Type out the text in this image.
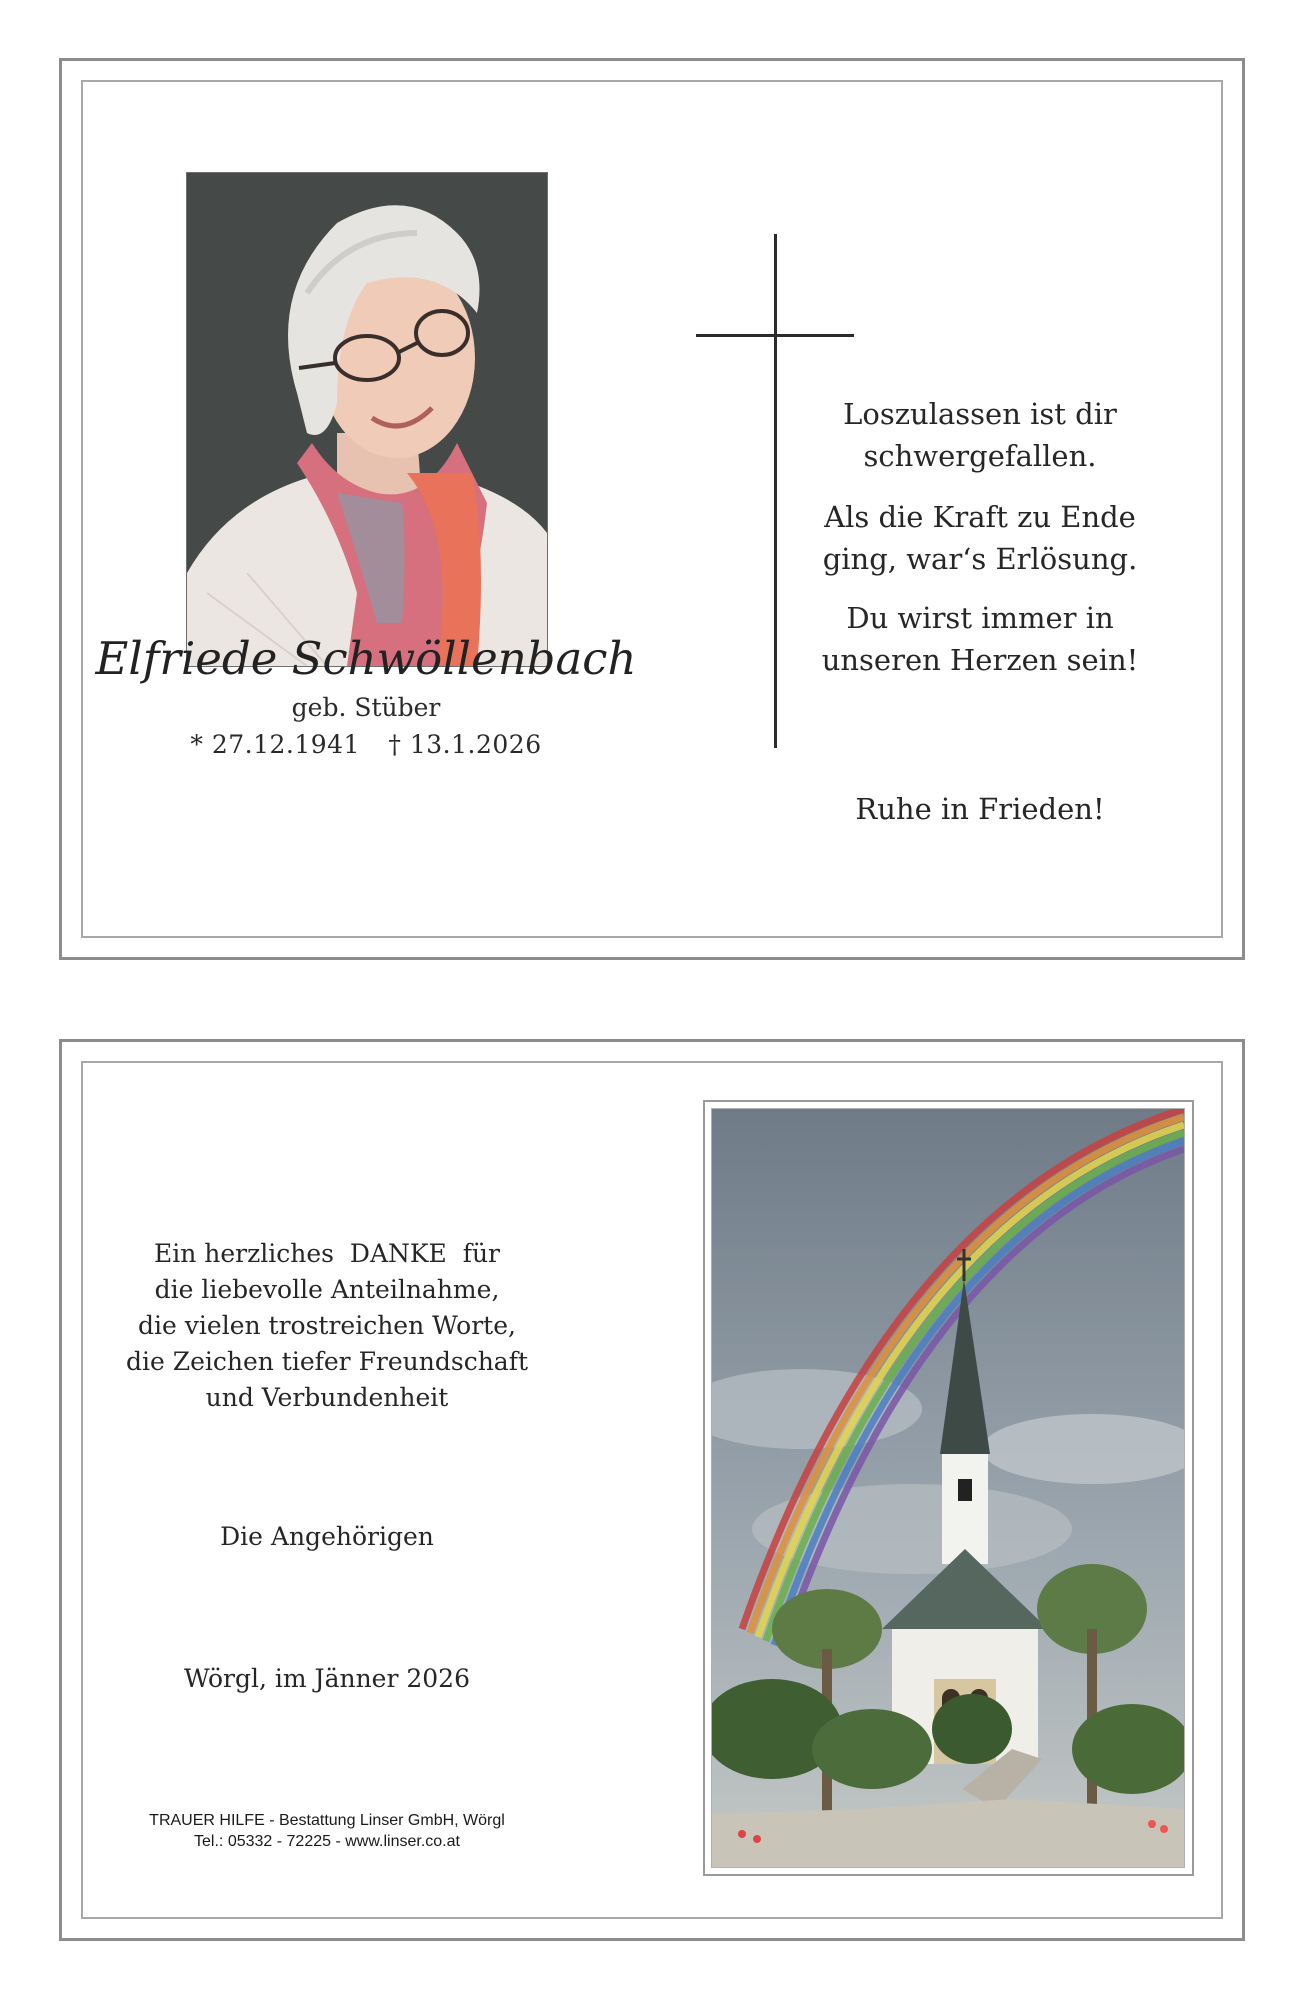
Elfriede Schwöllenbach
geb. Stüber
* 27.12.1941 † 13.1.2026
Loszulassen ist dir
schwergefallen.
Als die Kraft zu Ende
ging, war‘s Erlösung.
Du wirst immer in
unseren Herzen sein!
Ruhe in Frieden!
Ein herzliches  DANKE  für
die liebevolle Anteilnahme,
die vielen trostreichen Worte,
die Zeichen tiefer Freundschaft
und Verbundenheit
Die Angehörigen
Wörgl, im Jänner 2026
TRAUER HILFE - Bestattung Linser GmbH, Wörgl
Tel.: 05332 - 72225 - www.linser.co.at
